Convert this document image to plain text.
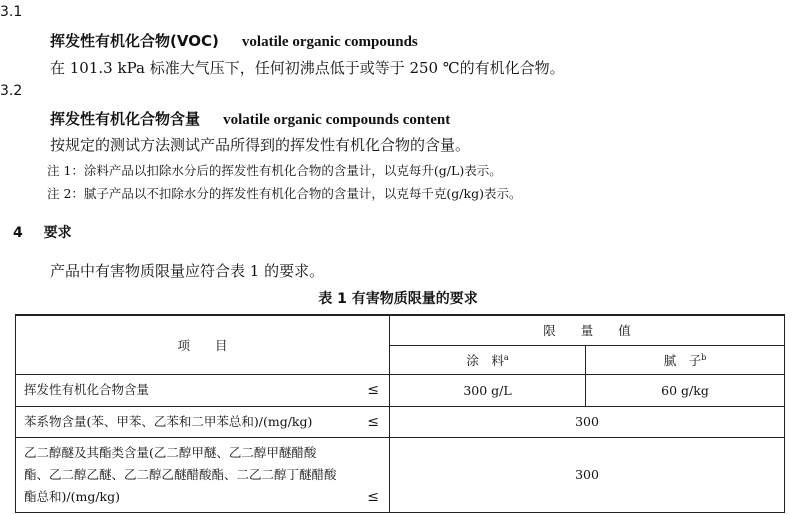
3.1
挥发性有机化合物(VOC) volatile organic compounds
在 101.3 kPa 标准大气压下，任何初沸点低于或等于 250 ℃的有机化合物。
3.2
挥发性有机化合物含量 volatile organic compounds content
按规定的测试方法测试产品所得到的挥发性有机化合物的含量。
注 1：涂料产品以扣除水分后的挥发性有机化合物的含量计，以克每升(g/L)表示。
注 2：腻子产品以不扣除水分的挥发性有机化合物的含量计，以克每千克(g/kg)表示。
4 要求
产品中有害物质限量应符合表 1 的要求。
表 1 有害物质限量的要求
项　　目	限　　量　　值	
	涂　料$^a$	腻　子$^b$

挥发性有机化合物含量 ≤	300 g/L	60 g/kg

苯系物含量(苯、甲苯、乙苯和二甲苯总和)/(mg/kg) ≤	300	

乙二醇醚及其酯类含量(乙二醇甲醚、乙二醇甲醚醋酸
酯、乙二醇乙醚、乙二醇乙醚醋酸酯、二乙二醇丁醚醋酸
酯总和)/(mg/kg) ≤	300	
